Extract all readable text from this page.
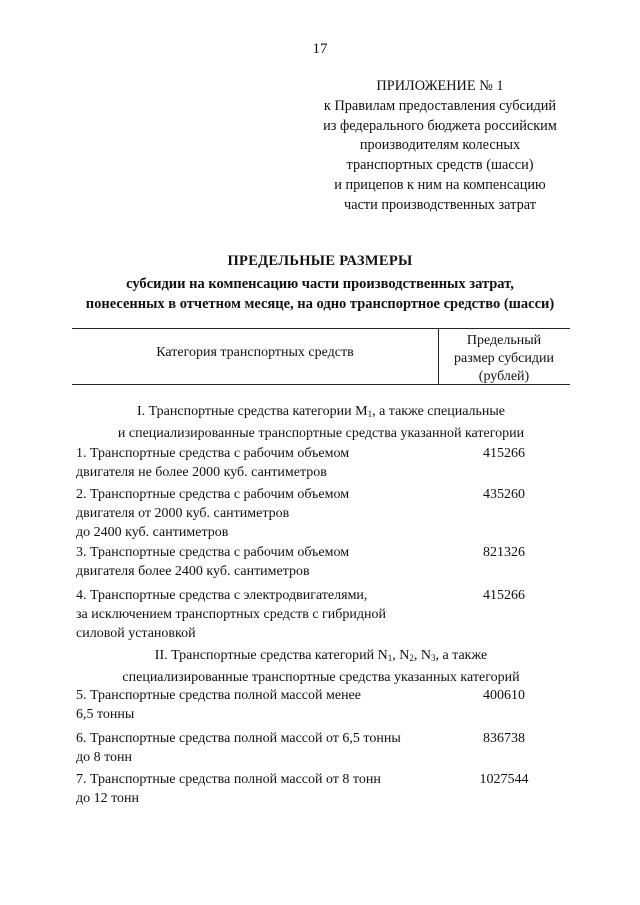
17
ПРИЛОЖЕНИЕ № 1
к Правилам предоставления субсидий
из федерального бюджета российским
производителям колесных
транспортных средств (шасси)
и прицепов к ним на компенсацию
части производственных затрат
ПРЕДЕЛЬНЫЕ РАЗМЕРЫ
субсидии на компенсацию части производственных затрат,
понесенных в отчетном месяце, на одно транспортное средство (шасси)
Категория транспортных средств
Предельный
размер субсидии
(рублей)
I. Транспортные средства категории $M_1$, а также специальные
и специализированные транспортные средства указанной категории
1. Транспортные средства с рабочим объемом
двигателя не более 2000 куб. сантиметров
415266
2. Транспортные средства с рабочим объемом
двигателя от 2000 куб. сантиметров
до 2400 куб. сантиметров
435260
3. Транспортные средства с рабочим объемом
двигателя более 2400 куб. сантиметров
821326
4. Транспортные средства с электродвигателями,
за исключением транспортных средств с гибридной
силовой установкой
415266
II. Транспортные средства категорий $N_1$, $N_2$, $N_3$, а также
специализированные транспортные средства указанных категорий
5. Транспортные средства полной массой менее
6,5 тонны
400610
6. Транспортные средства полной массой от 6,5 тонны
до 8 тонн
836738
7. Транспортные средства полной массой от 8 тонн
до 12 тонн
1027544
